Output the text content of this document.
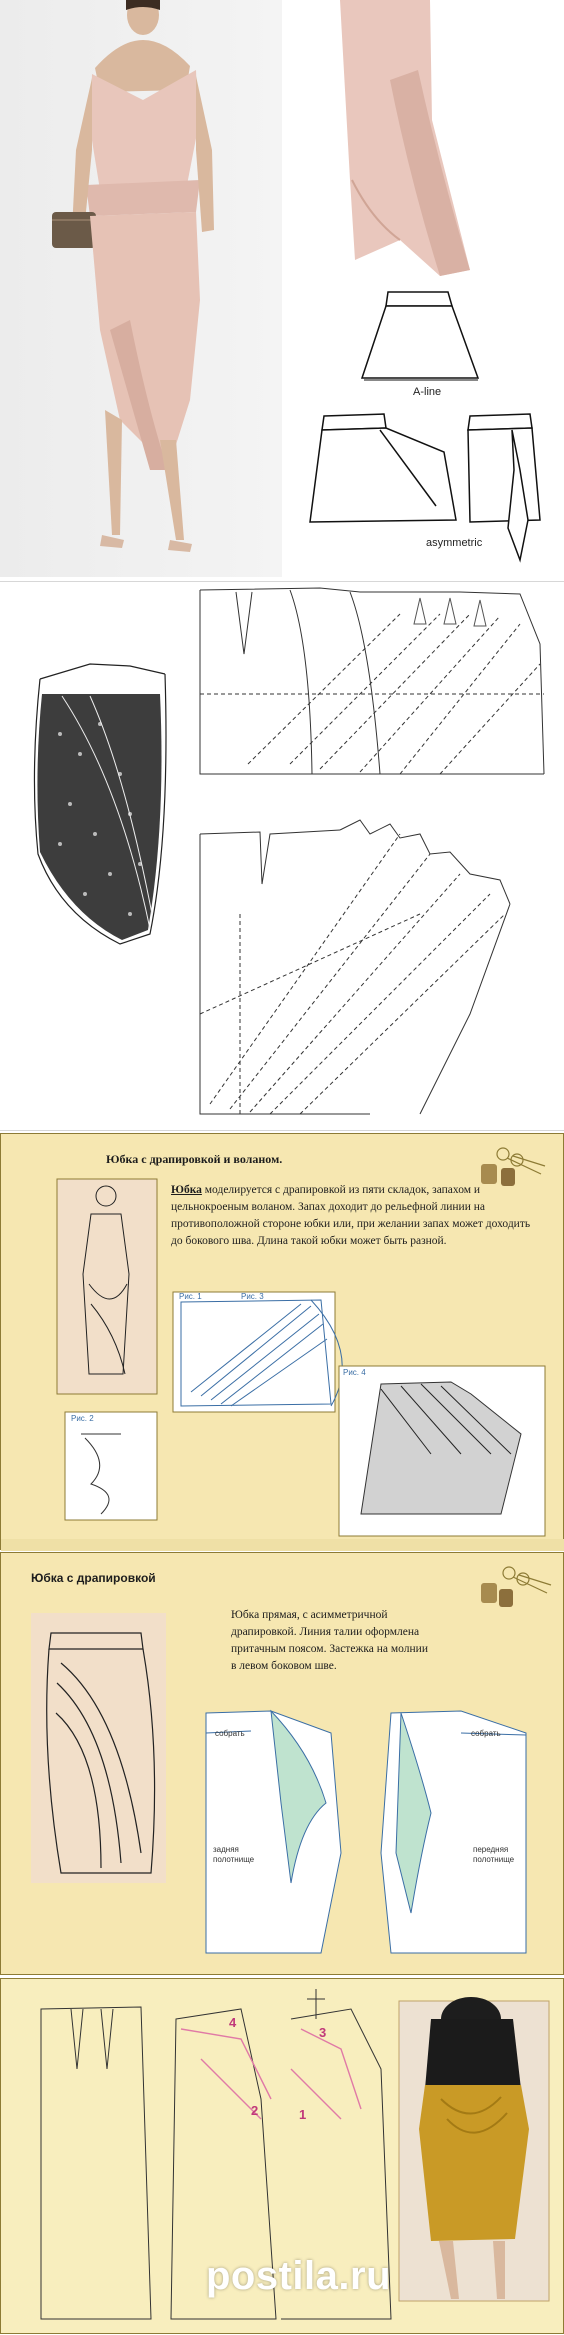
A-line
asymmetric
Юбка с драпировкой и воланом.
Юбка моделируется с драпировкой из пяти складок, запахом и цельнокроеным воланом. Запах доходит до рельефной линии на противоположной стороне юбки или, при желании запах может доходить до бокового шва. Длина такой юбки может быть разной.
Рис. 1
Рис. 2
Рис. 3
Рис. 4
Юбка с драпировкой
Юбка прямая, с асимметричной драпировкой. Линия талии оформлена притачным поясом. Застежка на молнии в левом боковом шве.
собрать	собрать
задняя полотнище
передняя полотнище
4
2
3
1
postila.ru
